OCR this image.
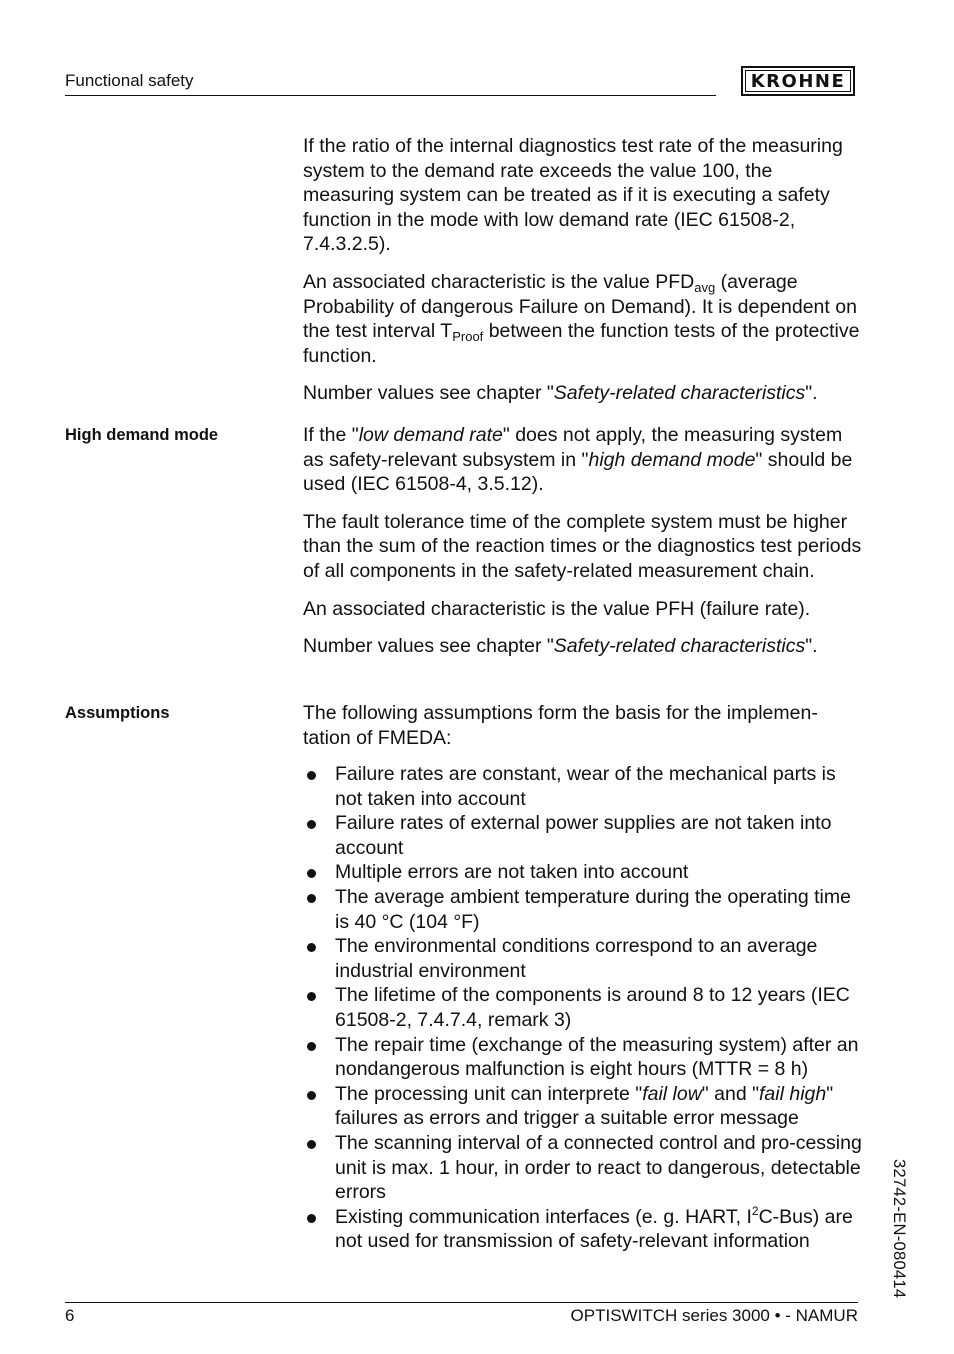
Functional safety	KROHNE

If the ratio of the internal diagnostics test rate of the measuring system to the demand rate exceeds the value 100, the measuring system can be treated as if it is executing a safety function in the mode with low demand rate (IEC 61508-2, 7.4.3.2.5).

An associated characteristic is the value $PFD_{avg}$ (average Probability of dangerous Failure on Demand). It is dependent on the test interval $T_{Proof}$ between the function tests of the protective function.

Number values see chapter "Safety-related characteristics".

High demand mode	If the "low demand rate" does not apply, the measuring system as safety-relevant subsystem in "high demand mode" should be used (IEC 61508-4, 3.5.12).

The fault tolerance time of the complete system must be higher than the sum of the reaction times or the diagnostics test periods of all components in the safety-related measurement chain.

An associated characteristic is the value PFH (failure rate).

Number values see chapter "Safety-related characteristics".

Assumptions	The following assumptions form the basis for the implemen-tation of FMEDA:
Failure rates are constant, wear of the mechanical parts is not taken into account
Failure rates of external power supplies are not taken into account
Multiple errors are not taken into account
The average ambient temperature during the operating time is 40 °C (104 °F)
The environmental conditions correspond to an average industrial environment
The lifetime of the components is around 8 to 12 years (IEC 61508-2, 7.4.7.4, remark 3)
The repair time (exchange of the measuring system) after an nondangerous malfunction is eight hours (MTTR = 8 h)
The processing unit can interprete "fail low" and "fail high" failures as errors and trigger a suitable error message
The scanning interval of a connected control and pro-cessing unit is max. 1 hour, in order to react to dangerous, detectable errors
Existing communication interfaces (e. g. HART, $I^2C-Bus$) are not used for transmission of safety-relevant information	32742-EN-080414
6	OPTISWITCH series 3000 • - NAMUR
